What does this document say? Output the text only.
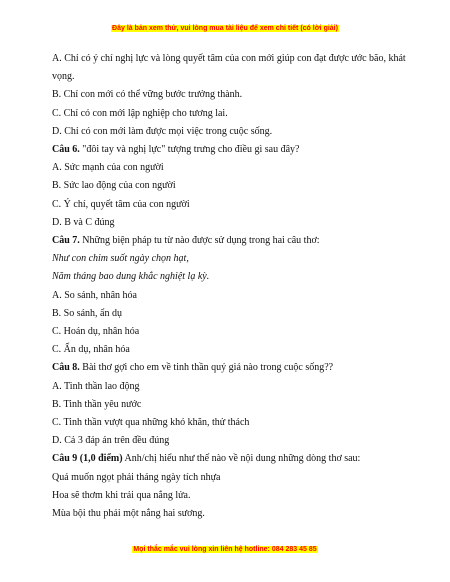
Đây là bản xem thử, vui lòng mua tài liệu để xem chi tiết (có lời giải)
A. Chỉ có ý chí nghị lực và lòng quyết tâm của con mới giúp con đạt được ước bão, khát vọng.
B. Chỉ con mới có thể vững bước trưởng thành.
C. Chỉ có con mới lập nghiệp cho tương lai.
D. Chỉ có con mới làm được mọi việc trong cuộc sống.
Câu 6. "đôi tay và nghị lực" tượng trưng cho điều gì sau đây?
A. Sức mạnh của con người
B. Sức lao động của con người
C. Ý chí, quyết tâm của con người
D. B và C đúng
Câu 7. Những biện pháp tu từ nào được sử dụng trong hai câu thơ:
Như con chim suốt ngày chọn hạt,
Năm tháng bao dung khắc nghiệt lạ kỳ.
A. So sánh, nhân hóa
B. So sánh, ẩn dụ
C. Hoán dụ, nhân hóa
C. Ẩn dụ, nhân hóa
Câu 8. Bài thơ gợi cho em về tinh thần quý giá nào trong cuộc sống??
A. Tinh thần lao động
B. Tinh thần yêu nước
C. Tinh thần vượt qua những khó khăn, thử thách
D. Cả 3 đáp án trên đều đúng
Câu 9 (1,0 điểm) Anh/chị hiểu như thế nào về nội dung những dòng thơ sau:
Quả muốn ngọt phải tháng ngày tích nhựa
Hoa sẽ thơm khi trải qua nắng lửa.
Mùa bội thu phải một nắng hai sương.
Mọi thắc mắc vui lòng xin liên hệ hotline: 084 283 45 85
